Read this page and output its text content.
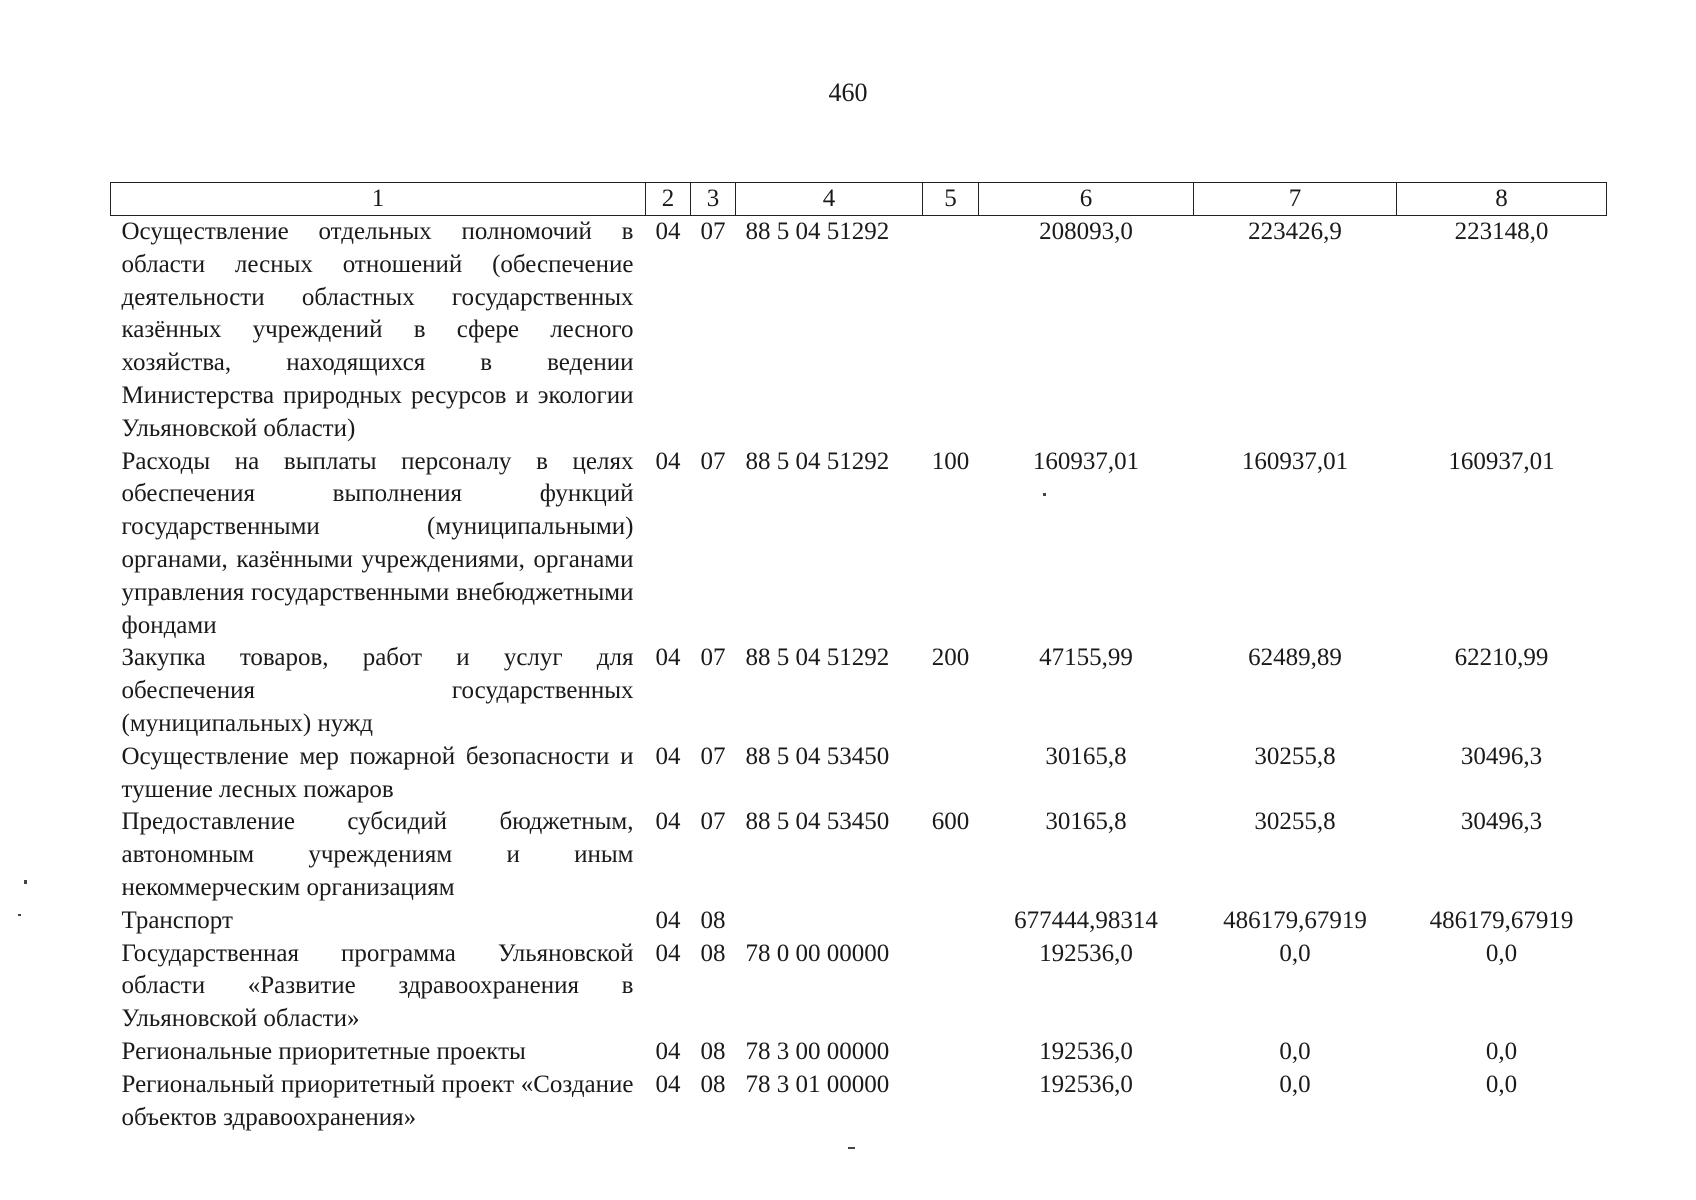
460
1	2	3	4	5	6	7	8
Осуществление отдельных полномочий в области лесных отношений (обеспечение деятельности областных государственных казённых учреждений в сфере лесного хозяйства, находящихся в ведении Министерства природных ресурсов и экологии Ульяновской области)	04	07	88 5 04 51292		208093,0	223426,9	223148,0
Расходы на выплаты персоналу в целях обеспечения выполнения функций государственными (муниципальными) органами, казёнными учреждениями, органами управления государственными внебюджетными фондами	04	07	88 5 04 51292	100	160937,01	160937,01	160937,01
Закупка товаров, работ и услуг для обеспечения государственных (муниципальных) нужд	04	07	88 5 04 51292	200	47155,99	62489,89	62210,99
Осуществление мер пожарной безопасности и тушение лесных пожаров	04	07	88 5 04 53450		30165,8	30255,8	30496,3
Предоставление субсидий бюджетным, автономным учреждениям и иным некоммерческим организациям	04	07	88 5 04 53450	600	30165,8	30255,8	30496,3
Транспорт	04	08			677444,98314	486179,67919	486179,67919
Государственная программа Ульяновской области «Развитие здравоохранения в Ульяновской области»	04	08	78 0 00 00000		192536,0	0,0	0,0
Региональные приоритетные проекты	04	08	78 3 00 00000		192536,0	0,0	0,0
Региональный приоритетный проект «Создание объектов здравоохранения»	04	08	78 3 01 00000		192536,0	0,0	0,0
